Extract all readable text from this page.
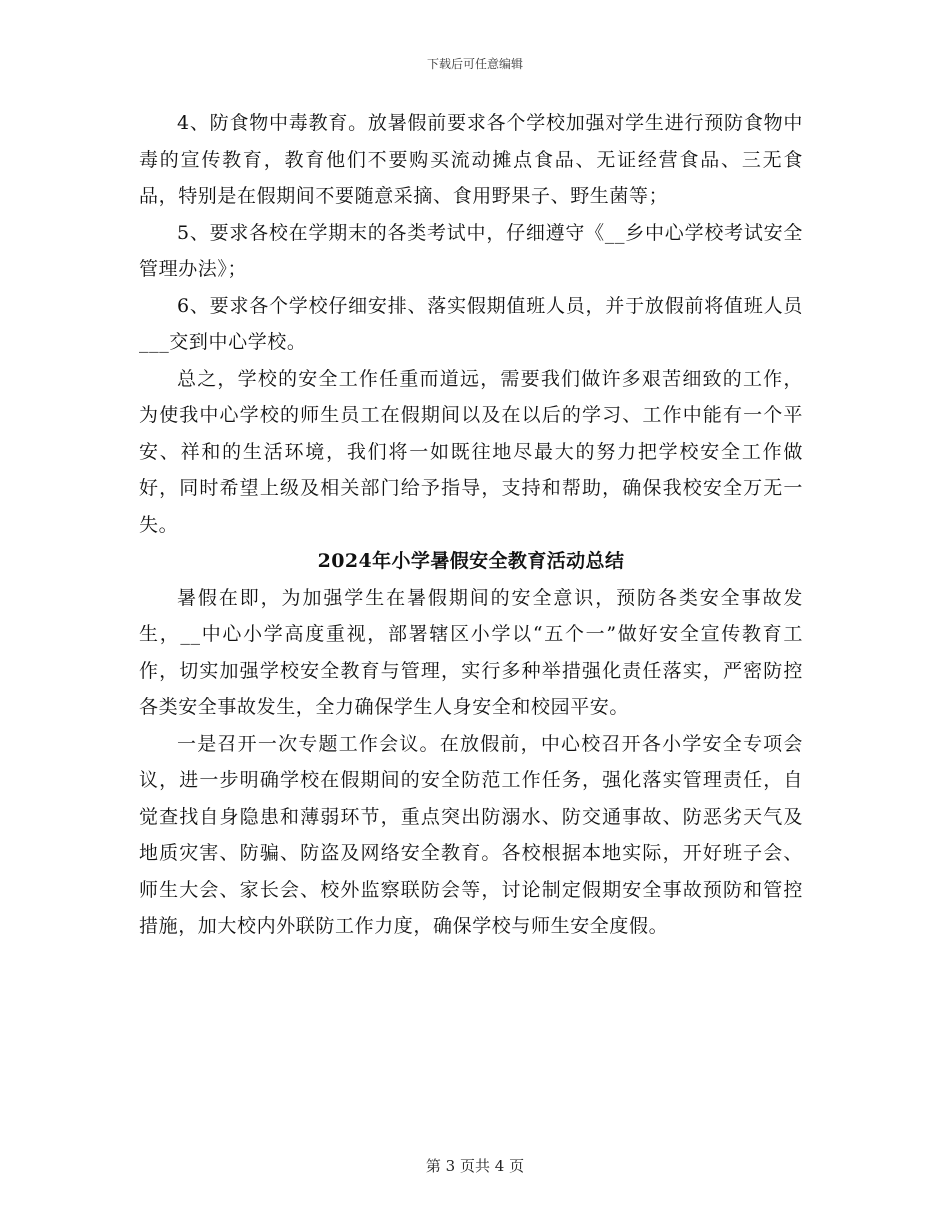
下载后可任意编辑

4、防食物中毒教育。放暑假前要求各个学校加强对学生进行预防食物中毒的宣传教育，教育他们不要购买流动摊点食品、无证经营食品、三无食品，特别是在假期间不要随意采摘、食用野果子、野生菌等；

5、要求各校在学期末的各类考试中，仔细遵守《__乡中心学校考试安全管理办法》；

6、要求各个学校仔细安排、落实假期值班人员，并于放假前将值班人员___交到中心学校。

总之，学校的安全工作任重而道远，需要我们做许多艰苦细致的工作，为使我中心学校的师生员工在假期间以及在以后的学习、工作中能有一个平安、祥和的生活环境，我们将一如既往地尽最大的努力把学校安全工作做好，同时希望上级及相关部门给予指导，支持和帮助，确保我校安全万无一失。

2024年小学暑假安全教育活动总结

暑假在即，为加强学生在暑假期间的安全意识，预防各类安全事故发生，__中心小学高度重视，部署辖区小学以“五个一”做好安全宣传教育工作，切实加强学校安全教育与管理，实行多种举措强化责任落实，严密防控各类安全事故发生，全力确保学生人身安全和校园平安。

一是召开一次专题工作会议。在放假前，中心校召开各小学安全专项会议，进一步明确学校在假期间的安全防范工作任务，强化落实管理责任，自觉查找自身隐患和薄弱环节，重点突出防溺水、防交通事故、防恶劣天气及地质灾害、防骗、防盗及网络安全教育。各校根据本地实际，开好班子会、师生大会、家长会、校外监察联防会等，讨论制定假期安全事故预防和管控措施，加大校内外联防工作力度，确保学校与师生安全度假。

第 3 页共 4 页
